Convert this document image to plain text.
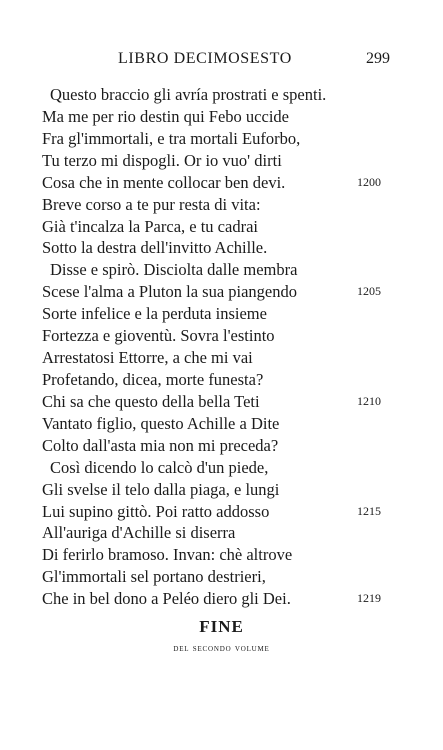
LIBRO DECIMOSESTO	299
Questo braccio gli avría prostrati e spenti.
Ma me per rio destin qui Febo uccide
Fra gl'immortali, e tra mortali Euforbo,
Tu terzo mi dispogli. Or io vuo' dirti
Cosa che in mente collocar ben devi.	1200
Breve corso a te pur resta di vita:
Già t'incalza la Parca, e tu cadrai
Sotto la destra dell'invitto Achille.
Disse e spirò. Disciolta dalle membra
Scese l'alma a Pluton la sua piangendo	1205
Sorte infelice e la perduta insieme
Fortezza e gioventù. Sovra l'estinto
Arrestatosi Ettorre, a che mi vai
Profetando, dicea, morte funesta?
Chi sa che questo della bella Teti	1210
Vantato figlio, questo Achille a Dite
Colto dall'asta mia non mi preceda?
Così dicendo lo calcò d'un piede,
Gli svelse il telo dalla piaga, e lungi
Lui supino gittò. Poi ratto addosso	1215
All'auriga d'Achille si diserra
Di ferirlo bramoso. Invan: chè altrove
Gl'immortali sel portano destrieri,
Che in bel dono a Peléo diero gli Dei.	1219
FINE
del secondo volume
